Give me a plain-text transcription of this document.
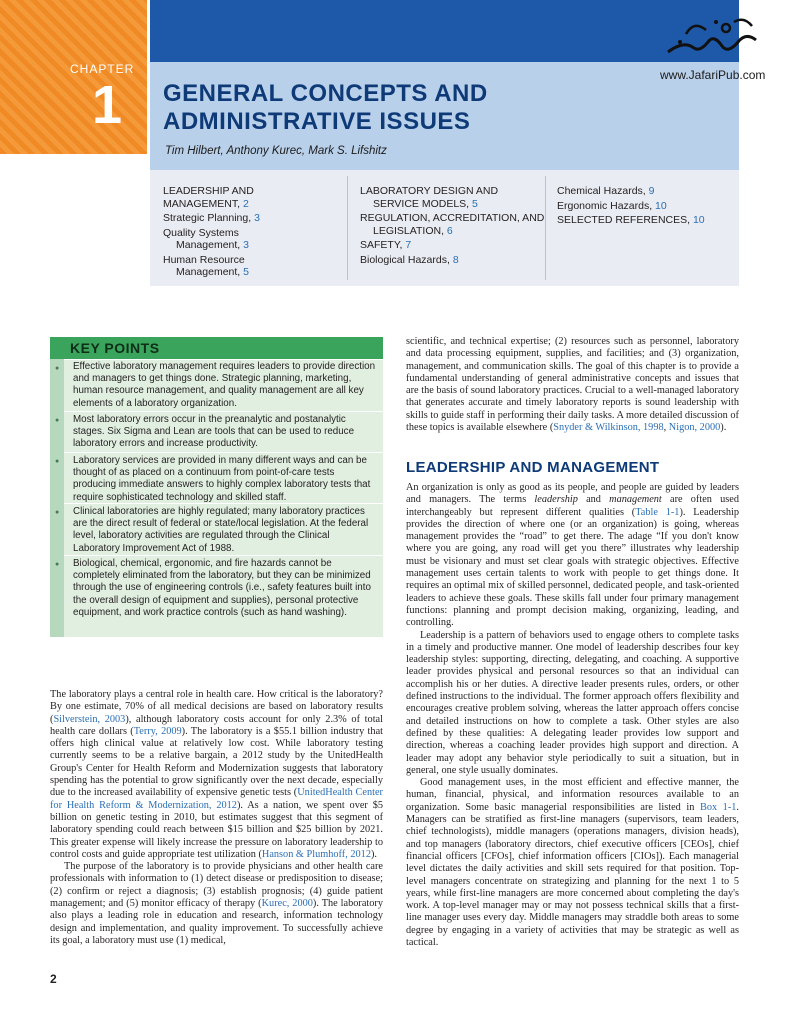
CHAPTER
1	GENERAL CONCEPTS AND
ADMINISTRATIVE ISSUES
Tim Hilbert, Anthony Kurec, Mark S. Lifshitz
www.JafariPub.com
LEADERSHIP AND MANAGEMENT, 2
Strategic Planning, 3
Quality Systems Management, 3
Human Resource Management, 5
LABORATORY DESIGN AND SERVICE MODELS, 5
REGULATION, ACCREDITATION, AND LEGISLATION, 6
SAFETY, 7
Biological Hazards, 8
Chemical Hazards, 9
Ergonomic Hazards, 10
SELECTED REFERENCES, 10
KEY POINTS
● Effective laboratory management requires leaders to provide direction and managers to get things done. Strategic planning, marketing, human resource management, and quality management are all key elements of a laboratory organization.
● Most laboratory errors occur in the preanalytic and postanalytic stages. Six Sigma and Lean are tools that can be used to reduce laboratory errors and increase productivity.
● Laboratory services are provided in many different ways and can be thought of as placed on a continuum from point-of-care tests producing immediate answers to highly complex laboratory tests that require sophisticated technology and skilled staff.
● Clinical laboratories are highly regulated; many laboratory practices are the direct result of federal or state/local legislation. At the federal level, laboratory activities are regulated through the Clinical Laboratory Improvement Act of 1988.
● Biological, chemical, ergonomic, and fire hazards cannot be completely eliminated from the laboratory, but they can be minimized through the use of engineering controls (i.e., safety features built into the overall design of equipment and supplies), personal protective equipment, and work practice controls (such as hand washing).

The laboratory plays a central role in health care. How critical is the laboratory? By one estimate, 70% of all medical decisions are based on laboratory results (Silverstein, 2003), although laboratory costs account for only 2.3% of total health care dollars (Terry, 2009). The laboratory is a $55.1 billion industry that offers high clinical value at relatively low cost. While laboratory testing currently seems to be a relative bargain, a 2012 study by the UnitedHealth Group's Center for Health Reform and Modernization suggests that laboratory spending has the potential to grow significantly over the next decade, especially due to the increased availability of expensive genetic tests (UnitedHealth Center for Health Reform & Modernization, 2012). As a nation, we spent over $5 billion on genetic testing in 2010, but estimates suggest that this segment of laboratory spending could reach between $15 billion and $25 billion by 2021. This greater expense will likely increase the pressure on laboratory leadership to control costs and guide appropriate test utilization (Hanson & Plumhoff, 2012).

The purpose of the laboratory is to provide physicians and other health care professionals with information to (1) detect disease or predisposition to disease; (2) confirm or reject a diagnosis; (3) establish prognosis; (4) guide patient management; and (5) monitor efficacy of therapy (Kurec, 2000). The laboratory also plays a leading role in education and research, information technology design and implementation, and quality improvement. To successfully achieve its goal, a laboratory must use (1) medical,

scientific, and technical expertise; (2) resources such as personnel, laboratory and data processing equipment, supplies, and facilities; and (3) organization, management, and communication skills. The goal of this chapter is to provide a fundamental understanding of general administrative concepts and issues that are the basis of sound laboratory practices. Crucial to a well-managed laboratory that generates accurate and timely laboratory reports is sound leadership with skills to guide staff in performing their daily tasks. A more detailed discussion of these topics is available elsewhere (Snyder & Wilkinson, 1998, Nigon, 2000).

LEADERSHIP AND MANAGEMENT

An organization is only as good as its people, and people are guided by leaders and managers. The terms leadership and management are often used interchangeably but represent different qualities (Table 1-1). Leadership provides the direction of where one (or an organization) is going, whereas management provides the “road” to get there. The adage “If you don't know where you are going, any road will get you there” illustrates why leadership must be visionary and must set clear goals with strategic objectives. Effective management uses certain talents to work with people to get things done. It requires an optimal mix of skilled personnel, dedicated people, and task-oriented leaders to achieve these goals. These skills fall under four primary management functions: planning and prompt decision making, organizing, leading, and controlling.

Leadership is a pattern of behaviors used to engage others to complete tasks in a timely and productive manner. One model of leadership describes four key leadership styles: supporting, directing, delegating, and coaching. A supportive leader provides physical and personal resources so that an individual can accomplish his or her duties. A directive leader presents rules, orders, or other defined instructions to the individual. The former approach offers flexibility and encourages creative problem solving, whereas the latter approach offers concise and detailed instructions on how to complete a task. Other styles are also defined by these qualities: A delegating leader provides low support and direction, whereas a coaching leader provides high support and direction. A leader may adopt any behavior style periodically to suit a situation, but in general, one style usually dominates.

Good management uses, in the most efficient and effective manner, the human, financial, physical, and information resources available to an organization. Some basic managerial responsibilities are listed in Box 1-1. Managers can be stratified as first-line managers (supervisors, team leaders, chief technologists), middle managers (operations managers, division heads), and top managers (laboratory directors, chief executive officers [CEOs], chief financial officers [CFOs], chief information officers [CIOs]). Each managerial level dictates the daily activities and skill sets required for that position. Top-level managers concentrate on strategizing and planning for the next 1 to 5 years, while first-line managers are more concerned about completing the day's work. A top-level manager may or may not possess technical skills that a first-line manager uses every day. Middle managers may straddle both areas to some degree by engaging in a variety of activities that may be strategic as well as tactical.

2
